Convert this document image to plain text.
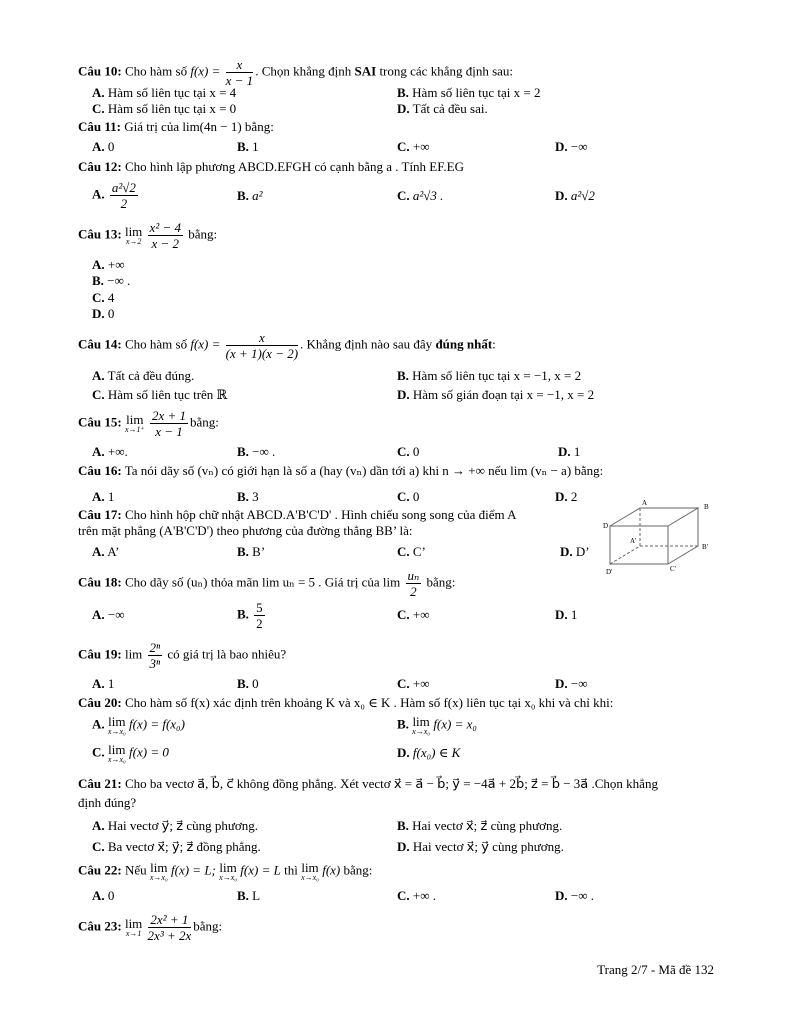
Câu 10: Cho hàm số $f(x) = \frac{x}{x - 1}$ . Chọn khẳng định SAI trong các khẳng định sau:
A. Hàm số liên tục tại x = 4	B. Hàm số liên tục tại x = 2
C. Hàm số liên tục tại x = 0	D. Tất cả đều sai.
Câu 11: Giá trị của lim(4n − 1) bằng:
A. 0	B. 1	C. +∞	D. −∞
Câu 12: Cho hình lập phương ABCD.EFGH có cạnh bằng a . Tính EF.EG
A. $\frac{\text{a²√2}}{2}$	B. a²	C. a²√3 .	D. a²√2
Câu 13: lim
x→2
$\frac{\text{x² − 4}}{x - 2}$ bằng:
A. +∞
B. −∞ .
C. 4
D. 0
Câu 14: Cho hàm số $f(x) = \frac{x}{(x + 1)(x - 2)}$ . Khẳng định nào sau đây đúng nhất:
A. Tất cả đều đúng.	B. Hàm số liên tục tại x = −1, x = 2
C. Hàm số liên tục trên ℝ	D. Hàm số gián đoạn tại x = −1, x = 2
Câu 15: lim
x→1⁺
$\frac{2x + 1}{x - 1}$ bằng:
A. +∞.	B. −∞ .	C. 0	D. 1
Câu 16: Ta nói dãy số (vₙ) có giới hạn là số a (hay (vₙ) dần tới a) khi n → +∞ nếu lim (vₙ − a) bằng:
A. 1	B. 3	C. 0	D. 2
Câu 17: Cho hình hộp chữ nhật ABCD.A'B'C'D' . Hình chiếu song song của điểm A
trên mặt phẳng (A'B'C'D') theo phương của đường thẳng BB’ là:
A. A’	B. B’	C. C’	D. D’
A	B
D
A'
B'
D'	C'
Câu 18: Cho dãy số (uₙ) thỏa mãn lim uₙ = 5 . Giá trị của $\lim \frac{\text{uₙ}}{2}$ bằng:
A. −∞	B. $\frac{5}{2}$	C. +∞	D. 1
Câu 19: $\lim \frac{\text{2ⁿ}}{\text{3ⁿ}}$ có giá trị là bao nhiêu?
A. 1	B. 0	C. +∞	D. −∞
Câu 20: Cho hàm số f(x) xác định trên khoảng K và x₀ ∈ K . Hàm số f(x) liên tục tại x₀ khi và chỉ khi:
A. lim
x→x₀
f(x) = f(x₀)	B. lim
x→x₀
f(x) = x₀
C. lim
x→x₀
f(x) = 0	D. f(x₀) ∈ K
Câu 21: Cho ba vectơ a⃗, b⃗, c⃗ không đồng phẳng. Xét vectơ x⃗ = a⃗ − b⃗; y⃗ = −4a⃗ + 2b⃗; z⃗ = b⃗ − 3a⃗ .Chọn khẳng
định đúng?
A. Hai vectơ y⃗; z⃗ cùng phương.	B. Hai vectơ x⃗; z⃗ cùng phương.
C. Ba vectơ x⃗; y⃗; z⃗ đồng phẳng.	D. Hai vectơ x⃗; y⃗ cùng phương.
Câu 22: Nếu lim
x→x₀
f(x) = L; lim
x→x₀
f(x) = L thì lim
x→x₀
f(x) bằng:
A. 0	B. L	C. +∞ .	D. −∞ .
Câu 23: lim
x→1
$\frac{\text{2x² + 1}}{\text{2x³ + 2x}}$ bằng:
Trang 2/7 - Mã đề 132
